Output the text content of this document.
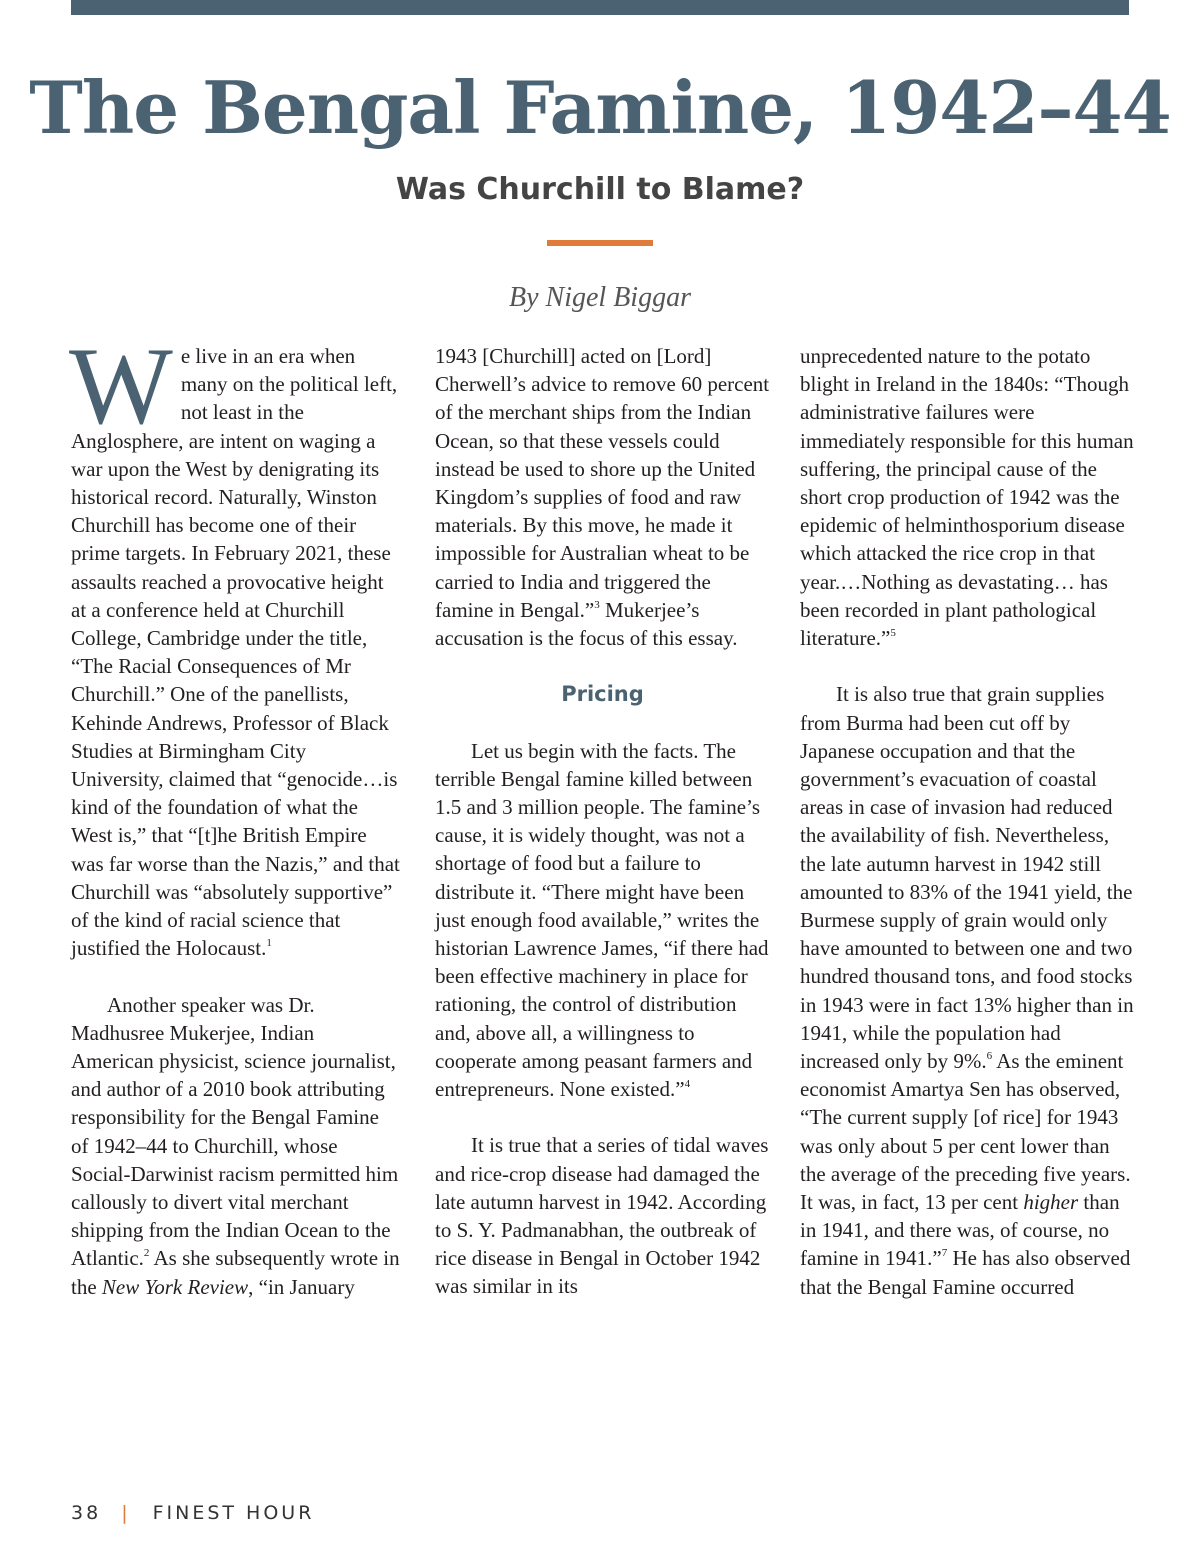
The Bengal Famine, 1942–44
Was Churchill to Blame?

By Nigel Biggar

We live in an era when many on the political left, not least in the Anglosphere, are intent on waging a war upon the West by denigrating its historical record. Naturally, Winston Churchill has become one of their prime targets. In February 2021, these assaults reached a provocative height at a conference held at Churchill College, Cambridge under the title, “The Racial Consequences of Mr Churchill.” One of the panellists, Kehinde Andrews, Professor of Black Studies at Birmingham City University, claimed that “genocide…is kind of the foundation of what the West is,” that “[t]he British Empire was far worse than the Nazis,” and that Churchill was “absolutely supportive” of the kind of racial science that justified the Holocaust.$^1$

Another speaker was Dr. Madhusree Mukerjee, Indian American physicist, science journalist, and author of a 2010 book attributing responsibility for the Bengal Famine of 1942–44 to Churchill, whose Social-Darwinist racism permitted him callously to divert vital merchant shipping from the Indian Ocean to the Atlantic.$^2$ As she subsequently wrote in the New York Review, “in January

1943 [Churchill] acted on [Lord] Cherwell’s advice to remove 60 percent of the merchant ships from the Indian Ocean, so that these vessels could instead be used to shore up the United Kingdom’s supplies of food and raw materials. By this move, he made it impossible for Australian wheat to be carried to India and triggered the famine in Bengal.”$^3$ Mukerjee’s accusation is the focus of this essay.

Pricing

Let us begin with the facts. The terrible Bengal famine killed between 1.5 and 3 million people. The famine’s cause, it is widely thought, was not a shortage of food but a failure to distribute it. “There might have been just enough food available,” writes the historian Lawrence James, “if there had been effective machinery in place for rationing, the control of distribution and, above all, a willingness to cooperate among peasant farmers and entrepreneurs. None existed.”$^4$

It is true that a series of tidal waves and rice-crop disease had damaged the late autumn harvest in 1942. According to S. Y. Padmanabhan, the outbreak of rice disease in Bengal in October 1942 was similar in its

unprecedented nature to the potato blight in Ireland in the 1840s: “Though administrative failures were immediately responsible for this human suffering, the principal cause of the short crop production of 1942 was the epidemic of helminthosporium disease which attacked the rice crop in that year.…Nothing as devastating… has been recorded in plant pathological literature.”$^5$

It is also true that grain supplies from Burma had been cut off by Japanese occupation and that the government’s evacuation of coastal areas in case of invasion had reduced the availability of fish. Nevertheless, the late autumn harvest in 1942 still amounted to 83% of the 1941 yield, the Burmese supply of grain would only have amounted to between one and two hundred thousand tons, and food stocks in 1943 were in fact 13% higher than in 1941, while the population had increased only by 9%.$^6$ As the eminent economist Amartya Sen has observed, “The current supply [of rice] for 1943 was only about 5 per cent lower than the average of the preceding five years. It was, in fact, 13 per cent higher than in 1941, and there was, of course, no famine in 1941.”$^7$ He has also observed that the Bengal Famine occurred

38 | FINEST HOUR
